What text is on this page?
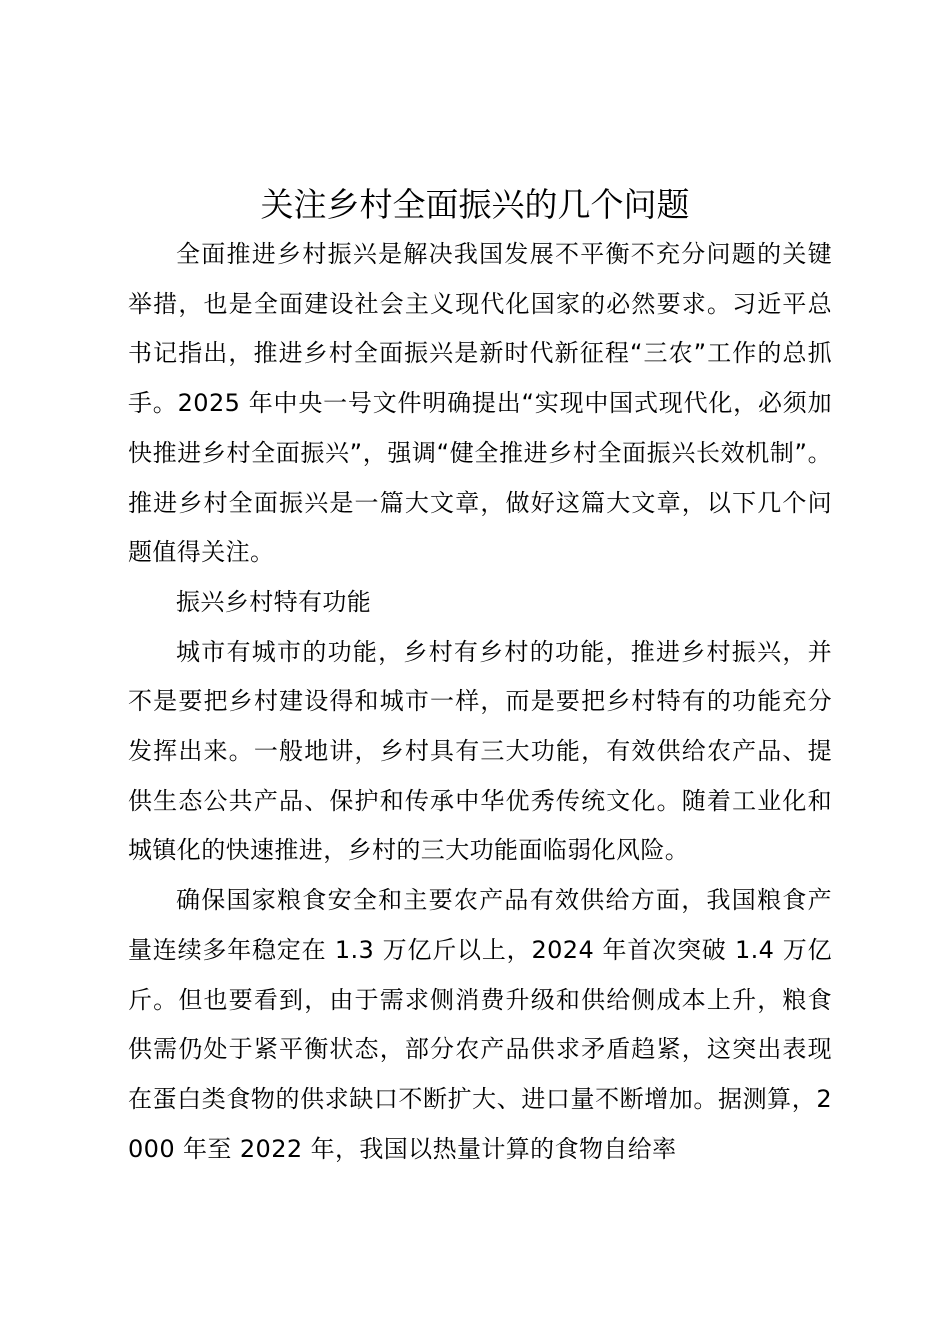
关注乡村全面振兴的几个问题

全面推进乡村振兴是解决我国发展不平衡不充分问题的关键举措，也是全面建设社会主义现代化国家的必然要求。习近平总书记指出，推进乡村全面振兴是新时代新征程“三农”工作的总抓手。2025 年中央一号文件明确提出“实现中国式现代化，必须加快推进乡村全面振兴”，强调“健全推进乡村全面振兴长效机制”。推进乡村全面振兴是一篇大文章，做好这篇大文章，以下几个问题值得关注。

振兴乡村特有功能

城市有城市的功能，乡村有乡村的功能，推进乡村振兴，并不是要把乡村建设得和城市一样，而是要把乡村特有的功能充分发挥出来。一般地讲，乡村具有三大功能，有效供给农产品、提供生态公共产品、保护和传承中华优秀传统文化。随着工业化和城镇化的快速推进，乡村的三大功能面临弱化风险。

确保国家粮食安全和主要农产品有效供给方面，我国粮食产量连续多年稳定在 1.3 万亿斤以上，2024 年首次突破 1.4 万亿斤。但也要看到，由于需求侧消费升级和供给侧成本上升，粮食供需仍处于紧平衡状态，部分农产品供求矛盾趋紧，这突出表现在蛋白类食物的供求缺口不断扩大、进口量不断增加。据测算，2000 年至 2022 年，我国以热量计算的食物自给率
